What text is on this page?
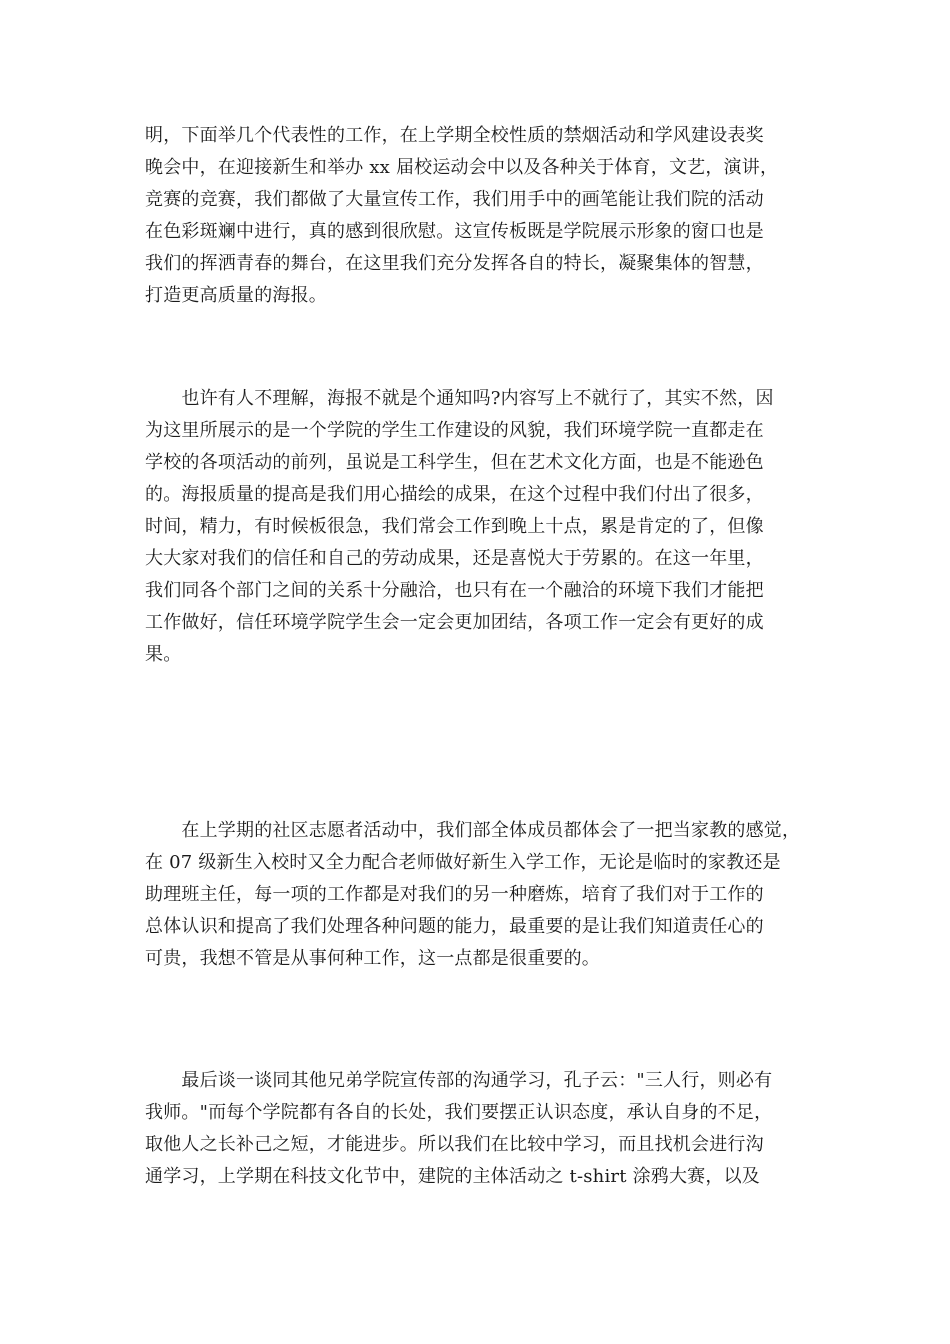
明，下面举几个代表性的工作，在上学期全校性质的禁烟活动和学风建设表奖
晚会中，在迎接新生和举办 xx 届校运动会中以及各种关于体育，文艺，演讲，
竞赛的竞赛，我们都做了大量宣传工作，我们用手中的画笔能让我们院的活动
在色彩斑斓中进行，真的感到很欣慰。这宣传板既是学院展示形象的窗口也是
我们的挥洒青春的舞台，在这里我们充分发挥各自的特长，凝聚集体的智慧，
打造更高质量的海报。
　　也许有人不理解，海报不就是个通知吗?内容写上不就行了，其实不然，因
为这里所展示的是一个学院的学生工作建设的风貌，我们环境学院一直都走在
学校的各项活动的前列，虽说是工科学生，但在艺术文化方面，也是不能逊色
的。海报质量的提高是我们用心描绘的成果，在这个过程中我们付出了很多，
时间，精力，有时候板很急，我们常会工作到晚上十点，累是肯定的了，但像
大大家对我们的信任和自己的劳动成果，还是喜悦大于劳累的。在这一年里，
我们同各个部门之间的关系十分融洽，也只有在一个融洽的环境下我们才能把
工作做好，信任环境学院学生会一定会更加团结，各项工作一定会有更好的成
果。
　　在上学期的社区志愿者活动中，我们部全体成员都体会了一把当家教的感觉，
在 07 级新生入校时又全力配合老师做好新生入学工作，无论是临时的家教还是
助理班主任，每一项的工作都是对我们的另一种磨炼，培育了我们对于工作的
总体认识和提高了我们处理各种问题的能力，最重要的是让我们知道责任心的
可贵，我想不管是从事何种工作，这一点都是很重要的。
　　最后谈一谈同其他兄弟学院宣传部的沟通学习，孔子云："三人行，则必有
我师。"而每个学院都有各自的长处，我们要摆正认识态度，承认自身的不足，
取他人之长补己之短，才能进步。所以我们在比较中学习，而且找机会进行沟
通学习，上学期在科技文化节中，建院的主体活动之 t-shirt 涂鸦大赛，以及
